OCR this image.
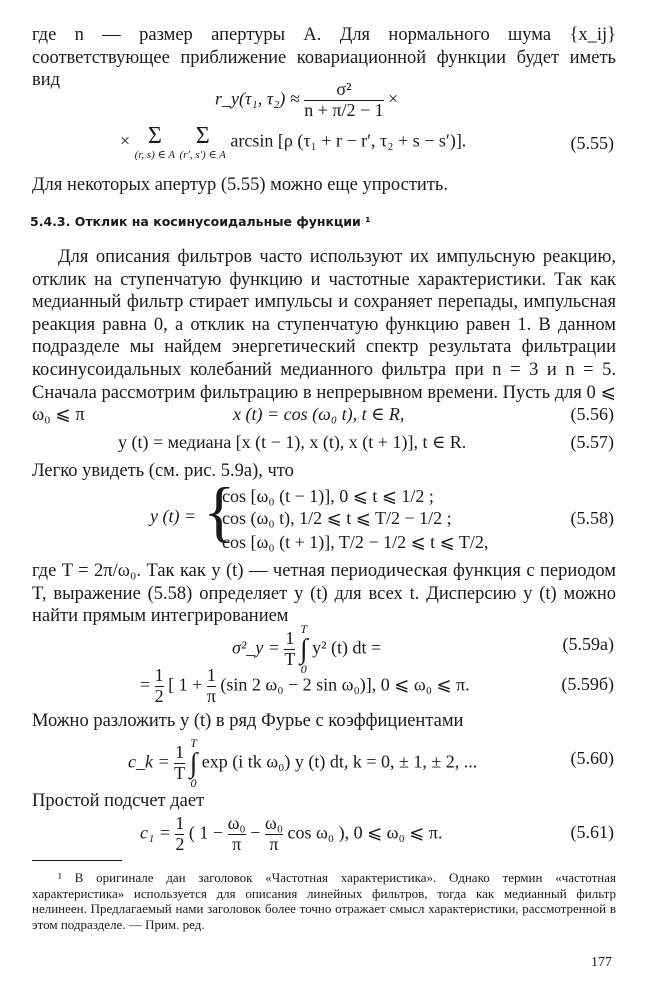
где n — размер апертуры A. Для нормального шума {x_ij} соответствующее приближение ковариационной функции будет иметь вид
r_y(τ₁, $\tau_2) \approx \frac{\text{σ²}}{n + \pi/2 - 1}$ ×
× Σ
(r, s) ∈ A

Σ
(r′, s′) ∈ A
arcsin [ρ (τ₁ + r − r′, τ₂ + s − s′)].	(5.55)
Для некоторых апертур (5.55) можно еще упростить.
5.4.3. Отклик на косинусоидальные функции ¹
Для описания фильтров часто используют их импульсную реакцию, отклик на ступенчатую функцию и частотные характеристики. Так как медианный фильтр стирает импульсы и сохраняет перепады, импульсная реакция равна 0, а отклик на ступенчатую функцию равен 1. В данном подразделе мы найдем энергетический спектр результата фильтрации косинусоидальных колебаний медианного фильтра при n = 3 и n = 5. Сначала рассмотрим фильтрацию в непрерывном времени. Пусть для 0 ⩽ ω₀ ⩽ π	x (t) = cos (ω₀ t), t ∈ R,	(5.56)
y (t) = медиана [x (t − 1), x (t), x (t + 1)], t ∈ R.	(5.57)
Легко увидеть (см. рис. 5.9а), что
y (t) = {
cos [ω₀ (t − 1)], 0 ⩽ t ⩽ 1/2 ;
cos (ω₀ t), 1/2 ⩽ t ⩽ T/2 − 1/2 ;
cos [ω₀ (t + 1)], T/2 − 1/2 ⩽ t ⩽ T/2,
(5.58)
где T = 2π/ω₀. Так как y (t) — четная периодическая функция с периодом T, выражение (5.58) определяет y (t) для всех t. Дисперсию y (t) можно найти прямым интегрированием
σ²_y = $\frac{1}{T}$
T
∫
0 y² (t) dt =	(5.59а)
= $\frac{1}{2}$ [ $1 + \frac{1}{\pi} (\sin$ 2 ω₀ − 2 sin ω₀)], 0 ⩽ ω₀ ⩽ π.	(5.59б)
Можно разложить y (t) в ряд Фурье с коэффициентами
c_k = $\frac{1}{T}$
T
∫
0 exp (i tk ω₀) y (t) dt, k = 0, ± 1, ± 2, ...	(5.60)
Простой подсчет дает
$c_1 = \frac{1}{2}$ ( $1 - \frac{\text{ω₀}}{\pi} - \frac{\text{ω₀}}{\pi}$ cos ω₀ ), 0 ⩽ ω₀ ⩽ π.	(5.61)
¹ В оригинале дан заголовок «Частотная характеристика». Однако термин «частотная характеристика» используется для описания линейных фильтров, тогда как медианный фильтр нелинеен. Предлагаемый нами заголовок более точно отражает смысл характеристики, рассмотренной в этом подразделе. — Прим. ред.
177
